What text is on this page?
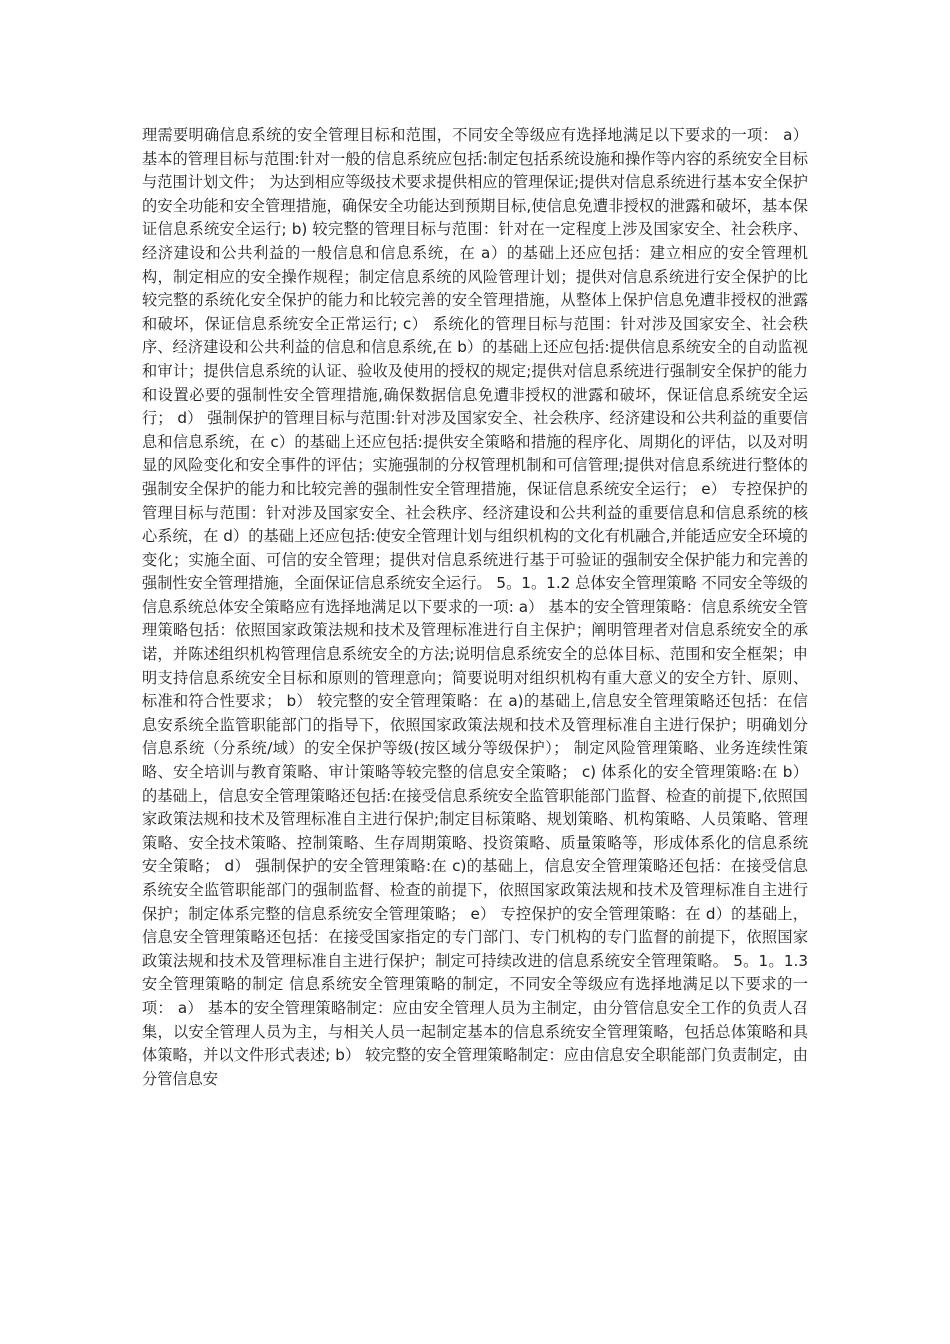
理需要明确信息系统的安全管理目标和范围，不同安全等级应有选择地满足以下要求的一项： a） 基本的管理目标与范围:针对一般的信息系统应包括:制定包括系统设施和操作等内容的系统安全目标与范围计划文件； 为达到相应等级技术要求提供相应的管理保证;提供对信息系统进行基本安全保护的安全功能和安全管理措施，确保安全功能达到预期目标,使信息免遭非授权的泄露和破坏，基本保证信息系统安全运行; b) 较完整的管理目标与范围：针对在一定程度上涉及国家安全、社会秩序、经济建设和公共利益的一般信息和信息系统，在 a）的基础上还应包括：建立相应的安全管理机构，制定相应的安全操作规程；制定信息系统的风险管理计划；提供对信息系统进行安全保护的比较完整的系统化安全保护的能力和比较完善的安全管理措施，从整体上保护信息免遭非授权的泄露和破坏，保证信息系统安全正常运行; c） 系统化的管理目标与范围：针对涉及国家安全、社会秩序、经济建设和公共利益的信息和信息系统,在 b）的基础上还应包括:提供信息系统安全的自动监视和审计；提供信息系统的认证、验收及使用的授权的规定;提供对信息系统进行强制安全保护的能力和设置必要的强制性安全管理措施,确保数据信息免遭非授权的泄露和破坏，保证信息系统安全运行； d） 强制保护的管理目标与范围:针对涉及国家安全、社会秩序、经济建设和公共利益的重要信息和信息系统，在 c）的基础上还应包括:提供安全策略和措施的程序化、周期化的评估，以及对明显的风险变化和安全事件的评估；实施强制的分权管理机制和可信管理;提供对信息系统进行整体的强制安全保护的能力和比较完善的强制性安全管理措施，保证信息系统安全运行； e） 专控保护的管理目标与范围：针对涉及国家安全、社会秩序、经济建设和公共利益的重要信息和信息系统的核心系统，在 d）的基础上还应包括:使安全管理计划与组织机构的文化有机融合,并能适应安全环境的变化；实施全面、可信的安全管理；提供对信息系统进行基于可验证的强制安全保护能力和完善的强制性安全管理措施，全面保证信息系统安全运行。 5。1。1.2 总体安全管理策略 不同安全等级的信息系统总体安全策略应有选择地满足以下要求的一项: a） 基本的安全管理策略：信息系统安全管理策略包括：依照国家政策法规和技术及管理标准进行自主保护；阐明管理者对信息系统安全的承诺，并陈述组织机构管理信息系统安全的方法;说明信息系统安全的总体目标、范围和安全框架；申明支持信息系统安全目标和原则的管理意向；简要说明对组织机构有重大意义的安全方针、原则、标准和符合性要求； b） 较完整的安全管理策略：在 a)的基础上,信息安全管理策略还包括：在信息安系统全监管职能部门的指导下，依照国家政策法规和技术及管理标准自主进行保护；明确划分信息系统（分系统/域）的安全保护等级(按区域分等级保护）； 制定风险管理策略、业务连续性策略、安全培训与教育策略、审计策略等较完整的信息安全策略； c) 体系化的安全管理策略:在 b）的基础上，信息安全管理策略还包括:在接受信息系统安全监管职能部门监督、检查的前提下,依照国家政策法规和技术及管理标准自主进行保护;制定目标策略、规划策略、机构策略、人员策略、管理策略、安全技术策略、控制策略、生存周期策略、投资策略、质量策略等，形成体系化的信息系统安全策略； d） 强制保护的安全管理策略:在 c)的基础上，信息安全管理策略还包括：在接受信息系统安全监管职能部门的强制监督、检查的前提下，依照国家政策法规和技术及管理标准自主进行保护；制定体系完整的信息系统安全管理策略； e） 专控保护的安全管理策略：在 d）的基础上，信息安全管理策略还包括：在接受国家指定的专门部门、专门机构的专门监督的前提下，依照国家政策法规和技术及管理标准自主进行保护；制定可持续改进的信息系统安全管理策略。 5。1。1.3 安全管理策略的制定 信息系统安全管理策略的制定，不同安全等级应有选择地满足以下要求的一项： a） 基本的安全管理策略制定：应由安全管理人员为主制定，由分管信息安全工作的负责人召集，以安全管理人员为主，与相关人员一起制定基本的信息系统安全管理策略，包括总体策略和具体策略，并以文件形式表述; b） 较完整的安全管理策略制定：应由信息安全职能部门负责制定，由分管信息安
